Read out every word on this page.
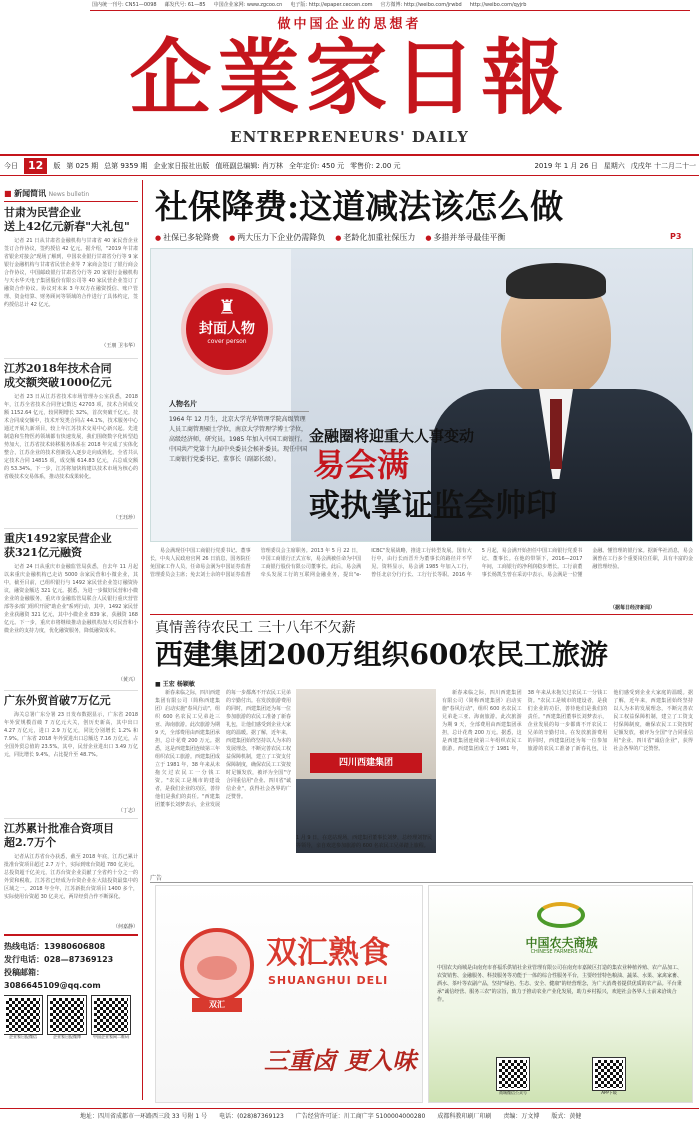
国内统一刊号: CN51—0098 邮发代号: 61—85 中国企业家网: www.zgcoo.cn 电子版: http://epaper.ceccen.com 官方微博: http://weibo.com/jrwbd http://weibo.com/qyjrb
做中国企业的思想者
企業家日報
ENTREPRENEURS' DAILY
今日 12	版 第 025 期 总第 9359 期 企业家日报社出版 值班副总编辑: 肖万林 全年定价: 450 元 零售价: 2.00 元	2019 年 1 月 26 日 星期六 戊戌年 十二月二十一
■ 新闻简讯 News bulletin
甘肃为民营企业
送上42亿元新春"大礼包"

记者 21 日从甘肃省金融机构与甘肃省 40 家民营企业签订合作协议，签约授信 42 亿元。据介绍，"2019 年甘肃省银企对接会"现场了解到，中国农业银行甘肃省分行等 9 家银行金融机构与甘肃省民营企业等 7 家商会签订了银行商会合作协议，中国邮政银行甘肃省分行等 20 家银行金融机构与天水华天电子集团股份有限公司等 40 家民营企业签订了融资合作协议。协议对未来 3 年双方在融资授信、账户管理、资金结算、财务顾问等领域的合作进行了具体约定，签约授信总计 42 亿元。

（王朋 卫韦华）
江苏2018年技术合同
成交额突破1000亿元

记者 23 日从江苏省技术市场管理办公室获悉，2018 年，江苏全省技术合同登记数达 42703 项，技术合同成交额 1152.64 亿元，较同期增长 32%，首次突破千亿元。技术合同成交额中，技术开发类合同占 44.1%，技术服务中心通过开展九新项目，较上年江苏技术交易中心新兴起。先进制造和生物医药领域都有快速发展，我们围绕数字化转型趋势加大，江苏省技术转移服务体系在 2018 年完成了实体化整合，江苏企业的技术创新投入逐步走向成熟化。全省共认定技术合同 14815 项，成交额 614.83 亿元，占总成交额的 53.34%。下一步，江苏将加快构建以技术市场为核心的省级技术交易体系，推动技术成果转化。

（王珏珍）
重庆1492家民营企业
获321亿元融资

记者 24 日从重庆市金融监管局获悉，自去年 11 月起以来重庆金融机构已走访 5000 余家民营和小微企业，其中，截至目前，已组织银行与 1492 家民营企业签订融资协议，融资金额达 321 亿元。据悉，为进一步做好民营和小微企业的金融服务，重庆市金融监管局联合人民银行重庆营管部等多部门组织开展"助企业"系列行动，其中，1492 家民营企业获融资 321 亿元，其中小微企业 839 家，获融资 168 亿元。下一步，重庆市将继续推动金融机构加大对民营和小微企业的支持力度，优化融资服务，降低融资成本。

（黄兴）
广东外贸首破7万亿元

海关总署广东分署 23 日发布数据显示，广东省 2018 年外贸规模首破 7 万亿元大关，创历史新高，其中出口 4.27 万亿元，进口 2.9 万亿元，同比分别增长 1.2% 和 7.9%。广东省 2018 年外贸进出口总额达 7.16 万亿元，占全国外贸总值的 23.5%。其中，民营企业进出口 3.49 万亿元，同比增长 9.4%，占比提升至 48.7%。

（丁志）
江苏累计批准合资项目
超2.7万个

记者从江苏省台办获悉，截至 2018 年底，江苏已累计批准台资项目超过 2.7 万个，实际到账台资超 780 亿美元，总投资超千亿美元，江苏台资企业贡献了全省约十分之一的外贸和税收。江苏省已经成为台资企业在大陆投资最集中的区域之一。2018 年全年，江苏新批台资项目 1400 多个，实际使用台资超 30 亿美元，两岸经贸合作不断深化。

（何嘉静）
热线电话：13980606808
发行电话：028—87369123
投稿邮箱：3086645109@qq.com
企业家日报微信	企业家日报微博	中国企业家网二维码
社保降费:这道减法该怎么做
● 社保已多轮降费	● 两大压力下企业仍需降负	● 老龄化加重社保压力	● 多措并举寻最佳平衡	P3
♜
封面人物
cover person
人物名片
1964 年 12 月生，北京大学光华管理学院高级管理人员工商管理硕士学位，南京大学管理学博士学位，高级经济师，研究员。1985 年加入中国工商银行。中国共产党第十九届中央委员会候补委员。现任中国工商银行党委书记、董事长（副部长级）。
金融圈将迎重大人事变动
易会满
或执掌证监会帅印

易会满现任中国工商银行党委书记、董事长，中央人民政府官网 26 日消息，国务院任免国家工作人员，任命易会满为中国证券监督管理委员会主席；免去刘士余的中国证券监督管理委员会主席职务。2013 年 5 月 22 日，中国工商银行正式宣布，易会满被任命为中国工商银行股份有限公司董事长。此后，易会满牵头发展工行的互联网金融业务，提出"e-ICBC"发展战略，推进工行转型发展。国有大行中，由行长而晋升为董事长的路径并不罕见。资料显示，易会满 1985 年加入工行，曾任北京分行行长、工行行长等职。2016 年 5 月起，易会满开始担任中国工商银行党委书记、董事长。在他的带领下，2016—2017 年间，工商银行的净利润稳步增长。工行前董事长杨凯生曾在采访中表示，易会满是一位懂金融、懂管理的银行家。据新华社消息，易会满曾在工行多个重要岗位任职，具有丰富的金融管理经验。

（据每日经济新闻）
真情善待农民工 三十八年不欠薪
西建集团200万组织600农民工旅游
■ 王宏 杨颖敏

新春来临之际，四川西建集团有限公司（简称西建集团）启动实施"春风行动"，组织 600 名农民工兄弟赴三亚、海南旅游。此次旅游为期 9 天，全部费用由西建集团承担，总计花费 200 万元。据悉，这是西建集团连续第三年组织农民工旅游。西建集团成立于 1981 年，38 年来从未拖欠过农民工一分钱工资。"农民工是城市的建设者，是我们企业的功臣，善待他们是我们的责任。"西建集团董事长刘梦表示，企业发展的每一步都离不开农民工兄弟的辛勤付出。在发放旅游费用的同时，西建集团还为每一位参加旅游的农民工准备了新春礼包，让他们感受到企业大家庭的温暖。据了解，近年来，西建集团始终坚持以人为本的发展理念，不断完善农民工权益保障机制，建立了工资支付保障制度，确保农民工工资按时足额发放，被评为全国"守合同重信用"企业、四川省"诚信企业"，获得社会各界的广泛赞誉。

四川西建集团
1 月 9 日，在送站现场，西建集团董事长刘梦，总经理刘智民等领导，亲自欢送参加旅游的 600 名农民工兄弟踏上旅程。

新春来临之际，四川西建集团有限公司（简称西建集团）启动实施"春风行动"，组织 600 名农民工兄弟赴三亚、海南旅游。此次旅游为期 9 天，全部费用由西建集团承担，总计花费 200 万元。据悉，这是西建集团连续第三年组织农民工旅游。西建集团成立于 1981 年，38 年来从未拖欠过农民工一分钱工资。"农民工是城市的建设者，是我们企业的功臣，善待他们是我们的责任。"西建集团董事长刘梦表示，企业发展的每一步都离不开农民工兄弟的辛勤付出。在发放旅游费用的同时，西建集团还为每一位参加旅游的农民工准备了新春礼包，让他们感受到企业大家庭的温暖。据了解，近年来，西建集团始终坚持以人为本的发展理念，不断完善农民工权益保障机制，建立了工资支付保障制度，确保农民工工资按时足额发放，被评为全国"守合同重信用"企业、四川省"诚信企业"，获得社会各界的广泛赞誉。

广告
双汇
双汇熟食
SHUANGHUI DELI
三重卤 更入味
中国农夫商城
CHINESE FARMERS MALL
中国农夫商城是由南充市喜福乐供销社企业管理有限公司在南充市嘉陵区打造的集农业种植养殖、农产品加工、农资销售、金融服务、科技服务等功能于一体的综合性服务平台，主要经营特色粮油、蔬菜、水果、家禽家畜、酒水、茶叶等农副产品，坚持"绿色、生态、安全、健康"的经营理念，为广大消费者提供优质的农产品。平台秉承"诚信经营、服务三农"的宗旨，致力于推动农业产业化发展，助力乡村振兴，欢迎社会各界人士前来洽谈合作。
商城微信公众号	APP下载
地址：四川省成都市一环路西三段 33 号附 1 号 电话：(028)87369123 广告经营许可证：川工商广字 5100004000280 成都科教印刷厂印刷 责编：万文博 版式：黄健
